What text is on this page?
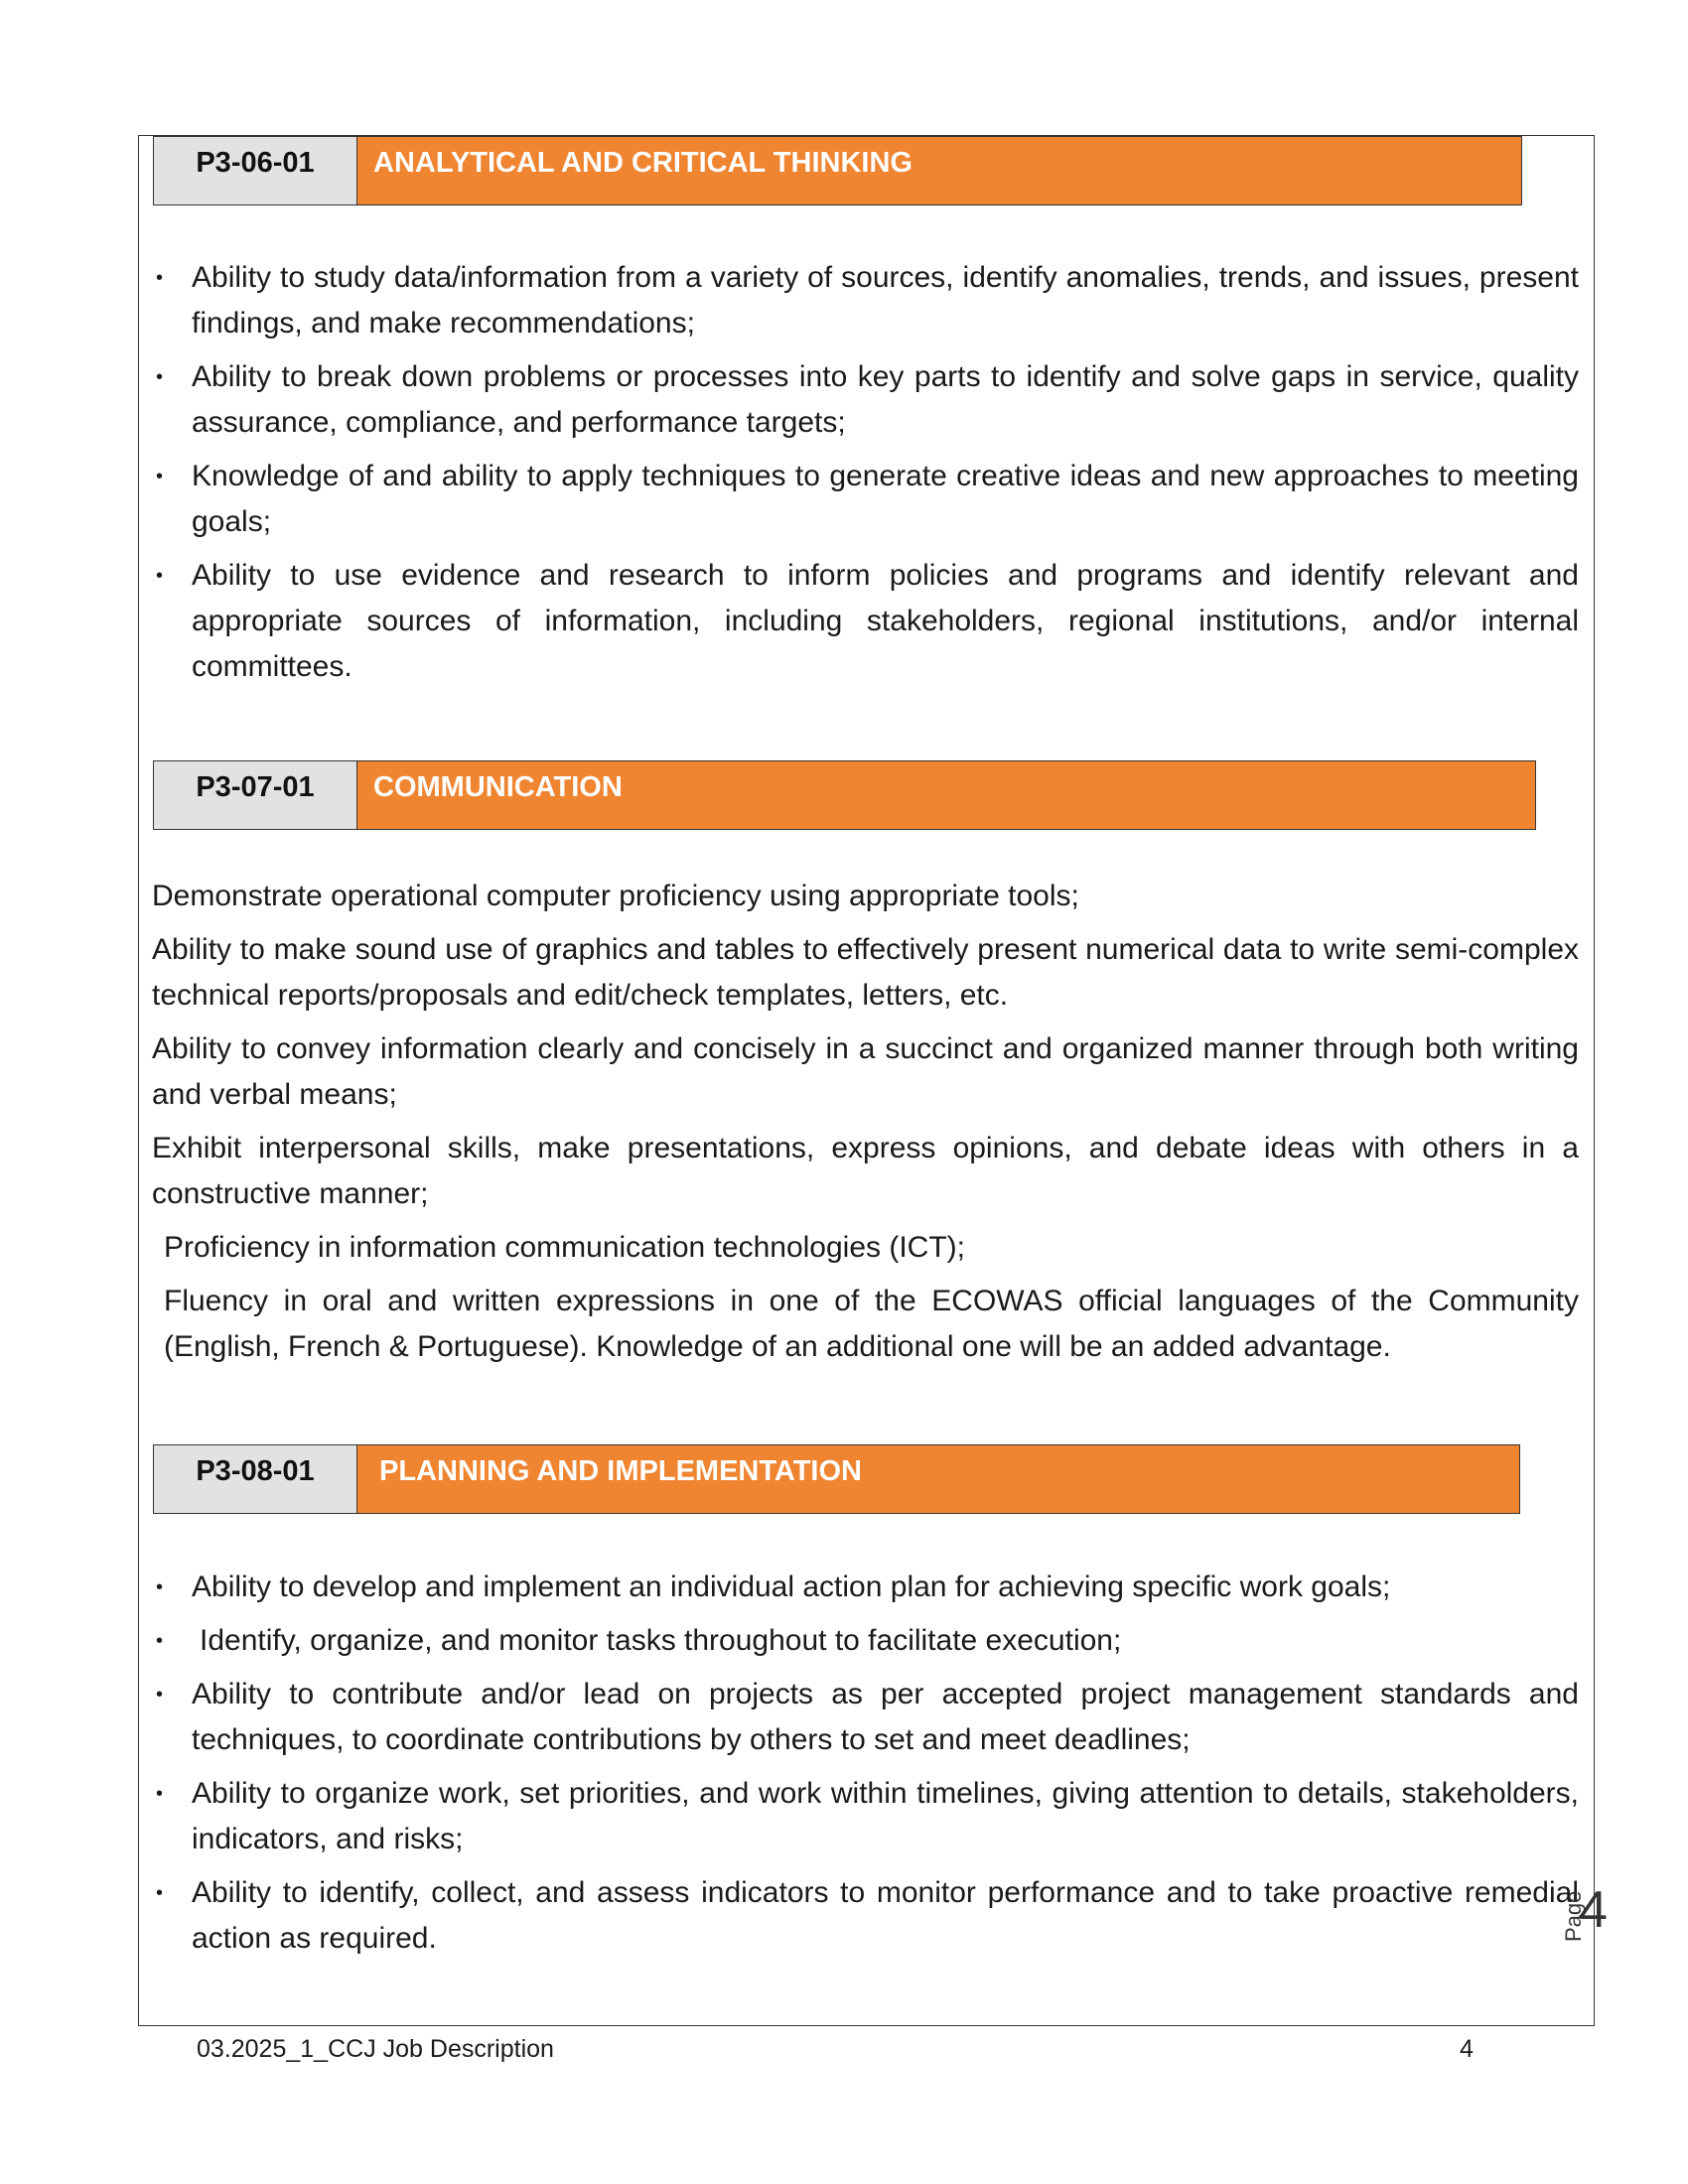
P3-06-01	ANALYTICAL AND CRITICAL THINKING
• Ability to study data/information from a variety of sources, identify anomalies, trends, and issues, present findings, and make recommendations;
• Ability to break down problems or processes into key parts to identify and solve gaps in service, quality assurance, compliance, and performance targets;
• Knowledge of and ability to apply techniques to generate creative ideas and new approaches to meeting goals;
• Ability to use evidence and research to inform policies and programs and identify relevant and appropriate sources of information, including stakeholders, regional institutions, and/or internal committees.
P3-07-01	COMMUNICATION

Demonstrate operational computer proficiency using appropriate tools;

Ability to make sound use of graphics and tables to effectively present numerical data to write semi-complex technical reports/proposals and edit/check templates, letters, etc.

Ability to convey information clearly and concisely in a succinct and organized manner through both writing and verbal means;

Exhibit interpersonal skills, make presentations, express opinions, and debate ideas with others in a constructive manner;

Proficiency in information communication technologies (ICT);

Fluency in oral and written expressions in one of the ECOWAS official languages of the Community (English, French & Portuguese). Knowledge of an additional one will be an added advantage.

P3-08-01	PLANNING AND IMPLEMENTATION
• Ability to develop and implement an individual action plan for achieving specific work goals;
• Identify, organize, and monitor tasks throughout to facilitate execution;
• Ability to contribute and/or lead on projects as per accepted project management standards and techniques, to coordinate contributions by others to set and meet deadlines;
• Ability to organize work, set priorities, and work within timelines, giving attention to details, stakeholders, indicators, and risks;
• Ability to identify, collect, and assess indicators to monitor performance and to take proactive remedial action as required.	Page
4
03.2025_1_CCJ Job Description	4
